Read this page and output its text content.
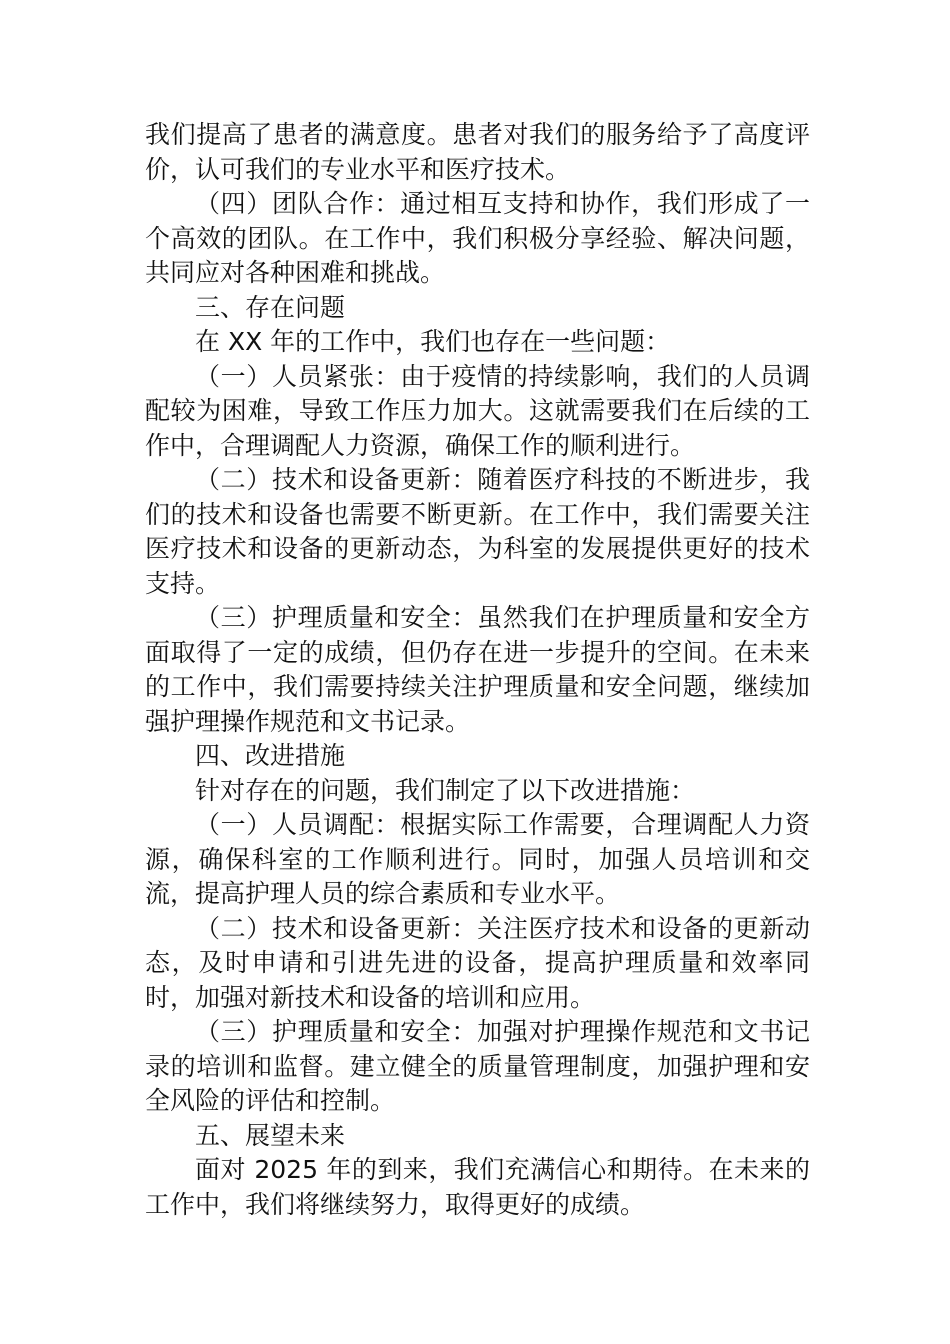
我们提高了患者的满意度。患者对我们的服务给予了高度评价，认可我们的专业水平和医疗技术。

（四）团队合作：通过相互支持和协作，我们形成了一个高效的团队。在工作中，我们积极分享经验、解决问题，共同应对各种困难和挑战。

三、存在问题

在 XX 年的工作中，我们也存在一些问题：

（一）人员紧张：由于疫情的持续影响，我们的人员调配较为困难，导致工作压力加大。这就需要我们在后续的工作中，合理调配人力资源，确保工作的顺利进行。

（二）技术和设备更新：随着医疗科技的不断进步，我们的技术和设备也需要不断更新。在工作中，我们需要关注医疗技术和设备的更新动态，为科室的发展提供更好的技术支持。

（三）护理质量和安全：虽然我们在护理质量和安全方面取得了一定的成绩，但仍存在进一步提升的空间。在未来的工作中，我们需要持续关注护理质量和安全问题，继续加强护理操作规范和文书记录。

四、改进措施

针对存在的问题，我们制定了以下改进措施：

（一）人员调配：根据实际工作需要，合理调配人力资源，确保科室的工作顺利进行。同时，加强人员培训和交流，提高护理人员的综合素质和专业水平。

（二）技术和设备更新：关注医疗技术和设备的更新动态，及时申请和引进先进的设备，提高护理质量和效率同时，加强对新技术和设备的培训和应用。

（三）护理质量和安全：加强对护理操作规范和文书记录的培训和监督。建立健全的质量管理制度，加强护理和安全风险的评估和控制。

五、展望未来

面对 2025 年的到来，我们充满信心和期待。在未来的工作中，我们将继续努力，取得更好的成绩。
